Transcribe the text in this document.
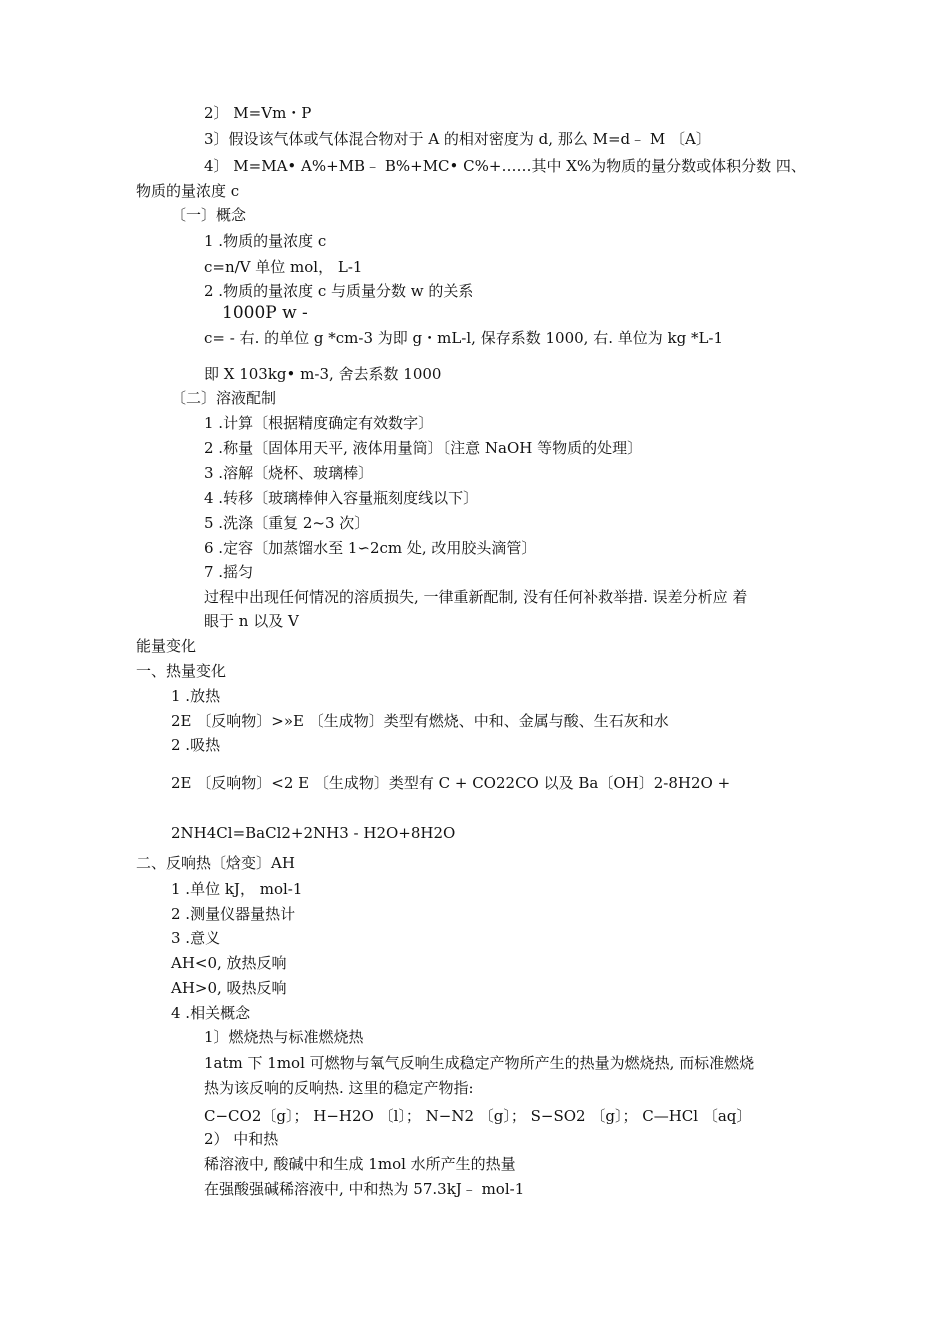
2〕 M=Vm・P
3〕假设该气体或气体混合物对于 A 的相对密度为 d, 那么 M=d﹣ M 〔A〕
4〕 M=MA• A%+MB﹣ B%+MC• C%+……其中 X%为物质的量分数或体积分数 四、
物质的量浓度 c
〔一〕概念
1 .物质的量浓度 c
c=n/V 单位 mol， L-1
2 .物质的量浓度 c 与质量分数 w 的关系
1000P w -
c= - 右. 的单位 g *cm-3 为即 g・mL-l, 保存系数 1000, 右. 单位为 kg *L-1
即 X 103kg• m-3, 舍去系数 1000
〔二〕溶液配制
1 .计算〔根据精度确定有效数字〕
2 .称量〔固体用天平, 液体用量筒〕〔注意 NaOH 等物质的处理〕
3 .溶解〔烧杯、玻璃棒〕
4 .转移〔玻璃棒伸入容量瓶刻度线以下〕
5 .洗涤〔重复 2~3 次〕
6 .定容〔加蒸馏水至 1∽2cm 处, 改用胶头滴管〕
7 .摇匀
过程中出现任何情况的溶质损失, 一律重新配制, 没有任何补救举措. 误差分析应 着
眼于 n 以及 V
能量变化
一、热量变化
1 .放热
2E 〔反响物〕>»E 〔生成物〕类型有燃烧、中和、金属与酸、生石灰和水
2 .吸热
2E 〔反响物〕<2 E 〔生成物〕类型有 C + CO22CO 以及 Ba〔OH〕2-8H2O +
2NH4Cl=BaCl2+2NH3 - H2O+8H2O
二、反响热〔焓变〕AH
1 .单位 kJ， mol-1
2 .测量仪器量热计
3 .意义
AH<0, 放热反响
AH>0, 吸热反响
4 .相关概念
1〕燃烧热与标准燃烧热
1atm 下 1mol 可燃物与氧气反响生成稳定产物所产生的热量为燃烧热, 而标准燃烧
热为该反响的反响热. 这里的稳定产物指:
C−CO2〔g〕； H−H2O 〔l〕； N−N2 〔g〕； S−SO2 〔g〕； C—HCl 〔aq〕
2） 中和热
稀溶液中, 酸碱中和生成 1mol 水所产生的热量
在强酸强碱稀溶液中, 中和热为 57.3kJ﹣ mol-1
